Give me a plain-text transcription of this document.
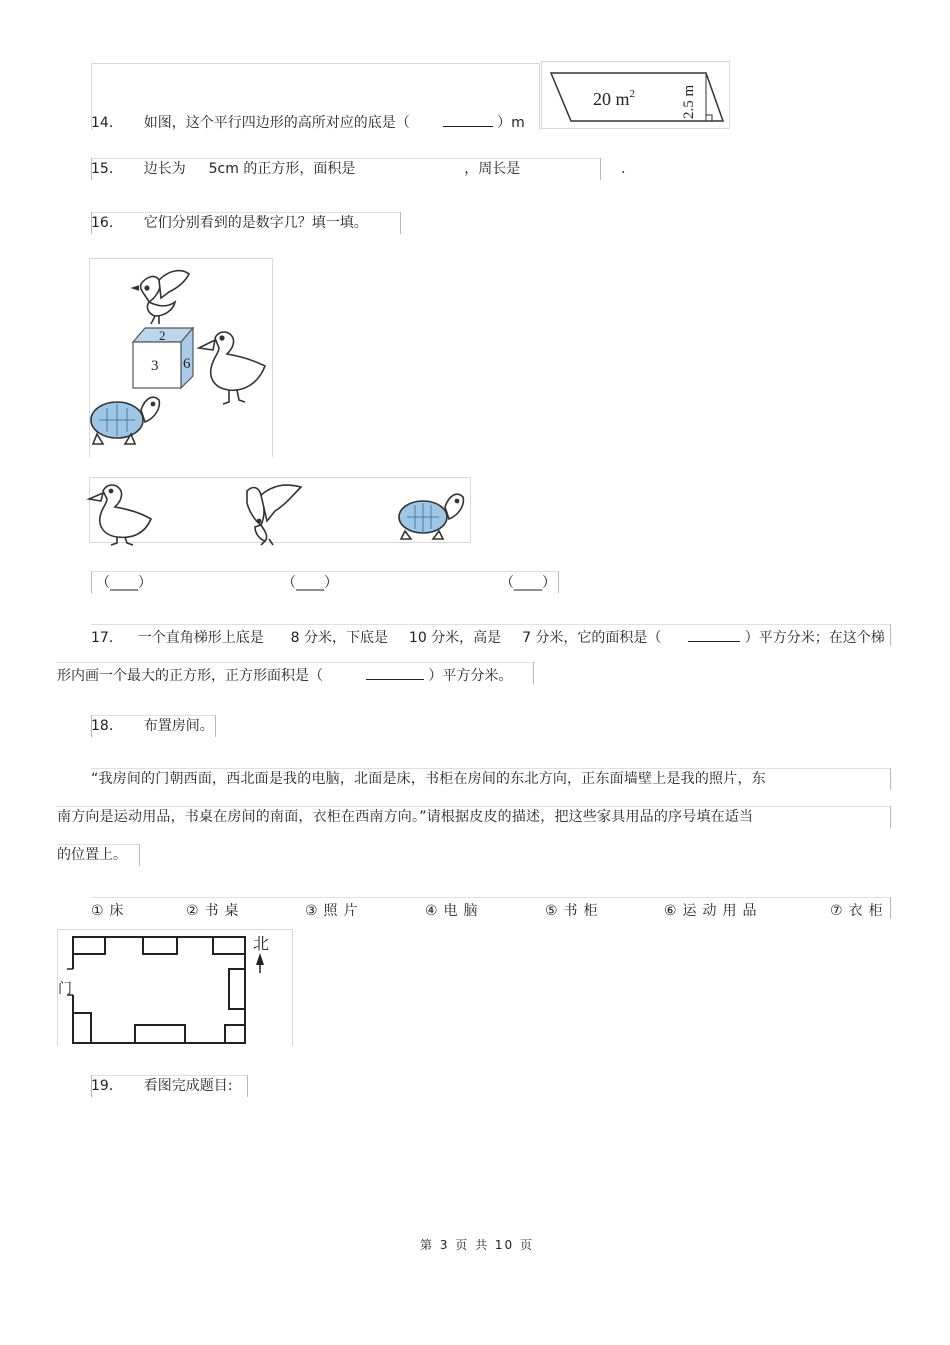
14． 如图，这个平行四边形的高所对应的底是（	）m
20 $m^2$	2.5 m
15． 边长为 5cm 的正方形，面积是	，周长是	.
16． 它们分别看到的是数字几？填一填。
2
3 6
（____）	（____）	（____）
17． 一个直角梯形上底是 8 分米，下底是 10 分米，高是 7 分米，它的面积是（	）平方分米；在这个梯
形内画一个最大的正方形，正方形面积是（	）平方分米。
18． 布置房间。
“我房间的门朝西面，西北面是我的电脑，北面是床，书柜在房间的东北方向，正东面墙壁上是我的照片，东
南方向是运动用品，书桌在房间的南面，衣柜在西南方向。”请根据皮皮的描述，把这些家具用品的序号填在适当
的位置上。
①床	②书桌	③照片	④电脑	⑤书柜	⑥运动用品	⑦衣柜
门
北
19． 看图完成题目:
第 3 页 共 10 页
